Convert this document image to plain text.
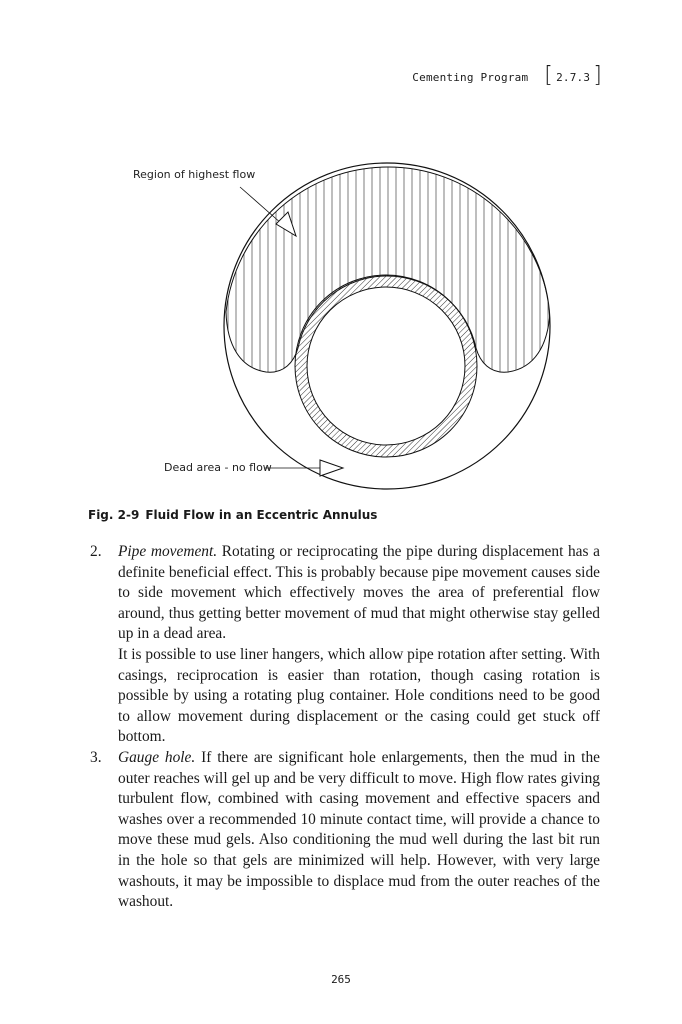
Cementing Program [ 2.7.3 ]
Region of highest flow
Dead area - no flow
Fig. 2-9 Fluid Flow in an Eccentric Annulus
2. Pipe movement. Rotating or reciprocating the pipe during displacement has a definite beneficial effect. This is probably because pipe movement causes side to side movement which effectively moves the area of preferential flow around, thus getting better movement of mud that might otherwise stay gelled up in a dead area.

It is possible to use liner hangers, which allow pipe rotation after setting. With casings, reciprocation is easier than rotation, though casing rotation is possible by using a rotating plug container. Hole conditions need to be good to allow movement during displacement or the casing could get stuck off bottom.

3. Gauge hole. If there are significant hole enlargements, then the mud in the outer reaches will gel up and be very difficult to move. High flow rates giving turbulent flow, combined with casing movement and effective spacers and washes over a recommended 10 minute contact time, will provide a chance to move these mud gels. Also conditioning the mud well during the last bit run in the hole so that gels are minimized will help. However, with very large washouts, it may be impossible to displace mud from the outer reaches of the washout.

265
